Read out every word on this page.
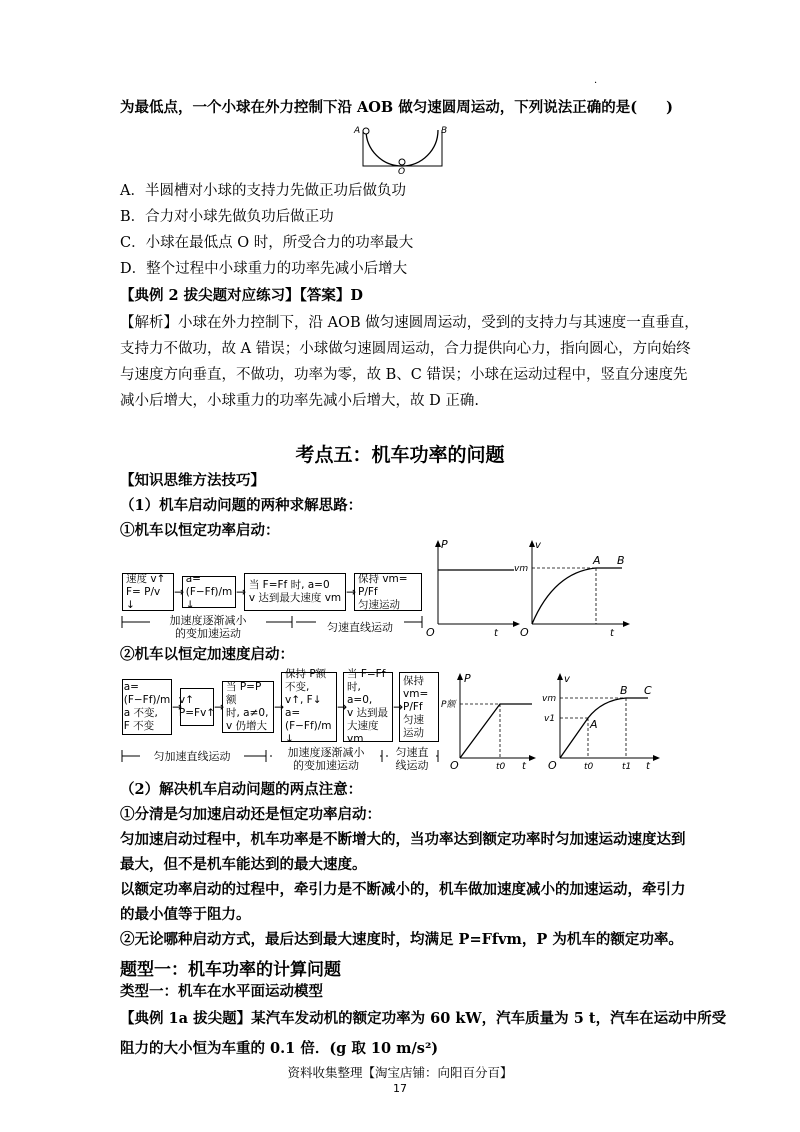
·
为最低点，一个小球在外力控制下沿 AOB 做匀速圆周运动，下列说法正确的是(　　)
A	B
O
A．半圆槽对小球的支持力先做正功后做负功
B．合力对小球先做负功后做正功
C．小球在最低点 O 时，所受合力的功率最大
D．整个过程中小球重力的功率先减小后增大
【典例 2 拔尖题对应练习】【答案】D
【解析】小球在外力控制下，沿 AOB 做匀速圆周运动，受到的支持力与其速度一直垂直，
支持力不做功，故 A 错误；小球做匀速圆周运动，合力提供向心力，指向圆心，方向始终
与速度方向垂直，不做功，功率为零，故 B、C 错误；小球在运动过程中，竖直分速度先
减小后增大，小球重力的功率先减小后增大，故 D 正确.
考点五：机车功率的问题
【知识思维方法技巧】
（1）机车启动问题的两种求解思路：
①机车以恒定功率启动：
速度 v↑
F= P/v ↓
→
a= (F−Ff)/m ↓
→ 当 F=Ff 时, a=0
v 达到最大速度 vm →
保持 vm= P/Ff
匀速运动
加速度逐渐减小
的变加速运动	匀速直线运动
P
t
O
v
vm
A B
t
O
②机车以恒定加速度启动：
a= (F−Ff)/m
a 不变,
F 不变
→
v↑
P=Fv↑
→
当 P=P额
时, a≠0,
v 仍增大
→
保持 P额
不变,
v↑, F↓
a= (F−Ff)/m ↓
→
当 F=Ff
时, a=0,
v 达到最
大速度 vm
→
保持
vm= P/Ff
匀速
运动
匀加速直线运动	加速度逐渐减小
的变加速运动
匀速直
线运动
P
P额
t0 t
O
v
vm
v1	A
B C
t0	t1 t
O
（2）解决机车启动问题的两点注意：
①分清是匀加速启动还是恒定功率启动：
匀加速启动过程中，机车功率是不断增大的，当功率达到额定功率时匀加速运动速度达到
最大，但不是机车能达到的最大速度。
以额定功率启动的过程中，牵引力是不断减小的，机车做加速度减小的加速运动，牵引力
的最小值等于阻力。
②无论哪种启动方式，最后达到最大速度时，均满足 P=Ffvm，P 为机车的额定功率。
题型一：机车功率的计算问题
类型一：机车在水平面运动模型
【典例 1a 拔尖题】某汽车发动机的额定功率为 60 kW，汽车质量为 5 t，汽车在运动中所受
阻力的大小恒为车重的 0.1 倍．(g 取 10 m/s²)
资料收集整理【淘宝店铺：向阳百分百】
17
